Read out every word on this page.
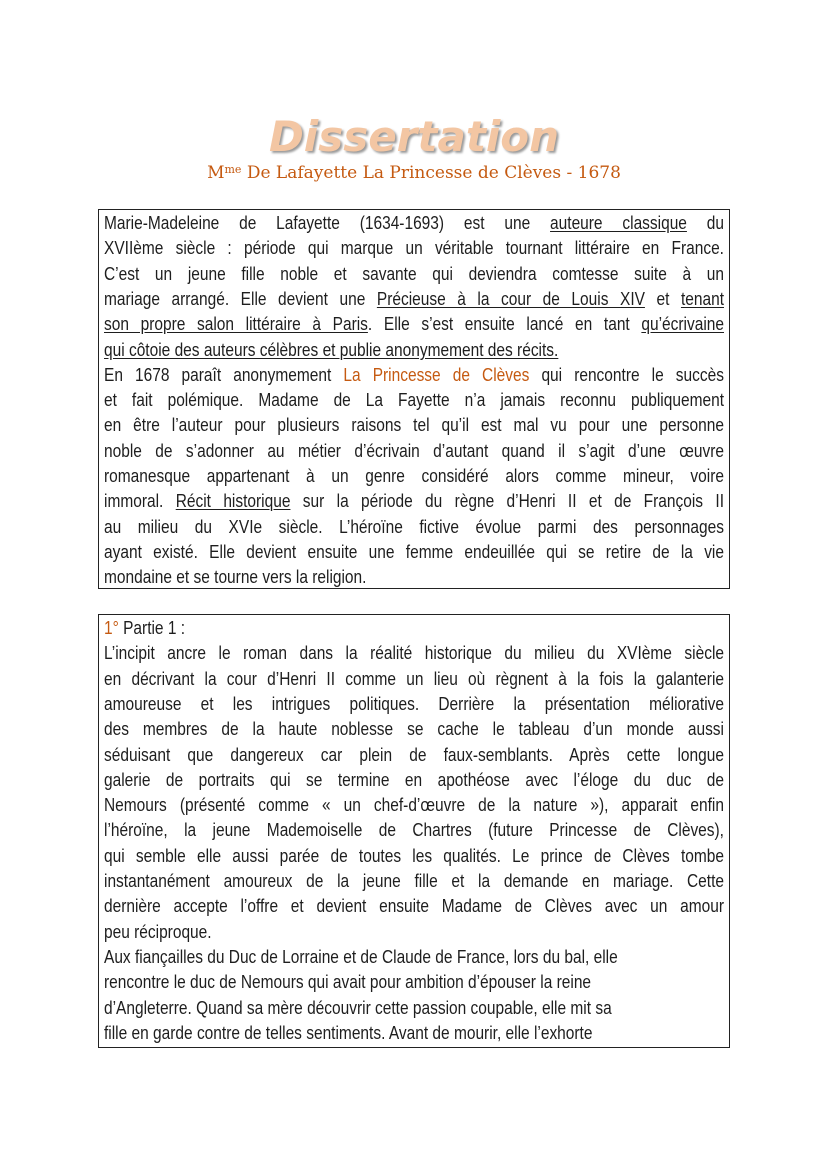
Dissertation
$M^{me}$ De Lafayette La Princesse de Clèves - 1678
Marie-Madeleine de Lafayette (1634-1693) est une auteure classique du
XVIIème siècle : période qui marque un véritable tournant littéraire en France.
C’est un jeune fille noble et savante qui deviendra comtesse suite à un
mariage arrangé. Elle devient une Précieuse à la cour de Louis XIV et tenant
son propre salon littéraire à Paris. Elle s’est ensuite lancé en tant qu’écrivaine
qui côtoie des auteurs célèbres et publie anonymement des récits.
En 1678 paraît anonymement La Princesse de Clèves qui rencontre le succès
et fait polémique. Madame de La Fayette n’a jamais reconnu publiquement
en être l’auteur pour plusieurs raisons tel qu’il est mal vu pour une personne
noble de s’adonner au métier d’écrivain d’autant quand il s’agit d’une œuvre
romanesque appartenant à un genre considéré alors comme mineur, voire
immoral. Récit historique sur la période du règne d’Henri II et de François II
au milieu du XVIe siècle. L’héroïne fictive évolue parmi des personnages
ayant existé. Elle devient ensuite une femme endeuillée qui se retire de la vie
mondaine et se tourne vers la religion.
1° Partie 1 :
L’incipit ancre le roman dans la réalité historique du milieu du XVIème siècle
en décrivant la cour d’Henri II comme un lieu où règnent à la fois la galanterie
amoureuse et les intrigues politiques. Derrière la présentation méliorative
des membres de la haute noblesse se cache le tableau d’un monde aussi
séduisant que dangereux car plein de faux-semblants. Après cette longue
galerie de portraits qui se termine en apothéose avec l’éloge du duc de
Nemours (présenté comme « un chef-d’œuvre de la nature »), apparait enfin
l’héroïne, la jeune Mademoiselle de Chartres (future Princesse de Clèves),
qui semble elle aussi parée de toutes les qualités. Le prince de Clèves tombe
instantanément amoureux de la jeune fille et la demande en mariage. Cette
dernière accepte l’offre et devient ensuite Madame de Clèves avec un amour
peu réciproque.
Aux fiançailles du Duc de Lorraine et de Claude de France, lors du bal, elle
rencontre le duc de Nemours qui avait pour ambition d’épouser la reine
d’Angleterre. Quand sa mère découvrir cette passion coupable, elle mit sa
fille en garde contre de telles sentiments. Avant de mourir, elle l’exhorte
